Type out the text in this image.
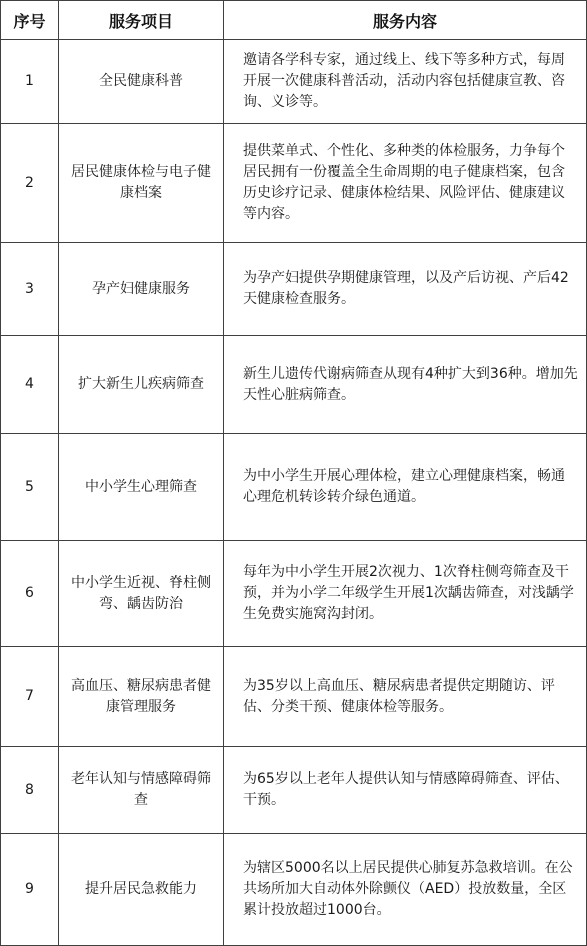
序号	服务项目	服务内容
1	全民健康科普	邀请各学科专家，通过线上、线下等多种方式，每周开展一次健康科普活动，活动内容包括健康宣教、咨询、义诊等。
2	居民健康体检与电子健康档案	提供菜单式、个性化、多种类的体检服务，力争每个居民拥有一份覆盖全生命周期的电子健康档案，包含历史诊疗记录、健康体检结果、风险评估、健康建议等内容。
3	孕产妇健康服务	为孕产妇提供孕期健康管理，以及产后访视、产后42天健康检查服务。
4	扩大新生儿疾病筛查	新生儿遗传代谢病筛查从现有4种扩大到36种。增加先天性心脏病筛查。
5	中小学生心理筛查	为中小学生开展心理体检，建立心理健康档案，畅通心理危机转诊转介绿色通道。
6	中小学生近视、脊柱侧弯、龋齿防治	每年为中小学生开展2次视力、1次脊柱侧弯筛查及干预，并为小学二年级学生开展1次龋齿筛查，对浅龋学生免费实施窝沟封闭。
7	高血压、糖尿病患者健康管理服务	为35岁以上高血压、糖尿病患者提供定期随访、评估、分类干预、健康体检等服务。
8	老年认知与情感障碍筛查	为65岁以上老年人提供认知与情感障碍筛查、评估、干预。
9	提升居民急救能力	为辖区5000名以上居民提供心肺复苏急救培训。在公共场所加大自动体外除颤仪（AED）投放数量，全区累计投放超过1000台。
